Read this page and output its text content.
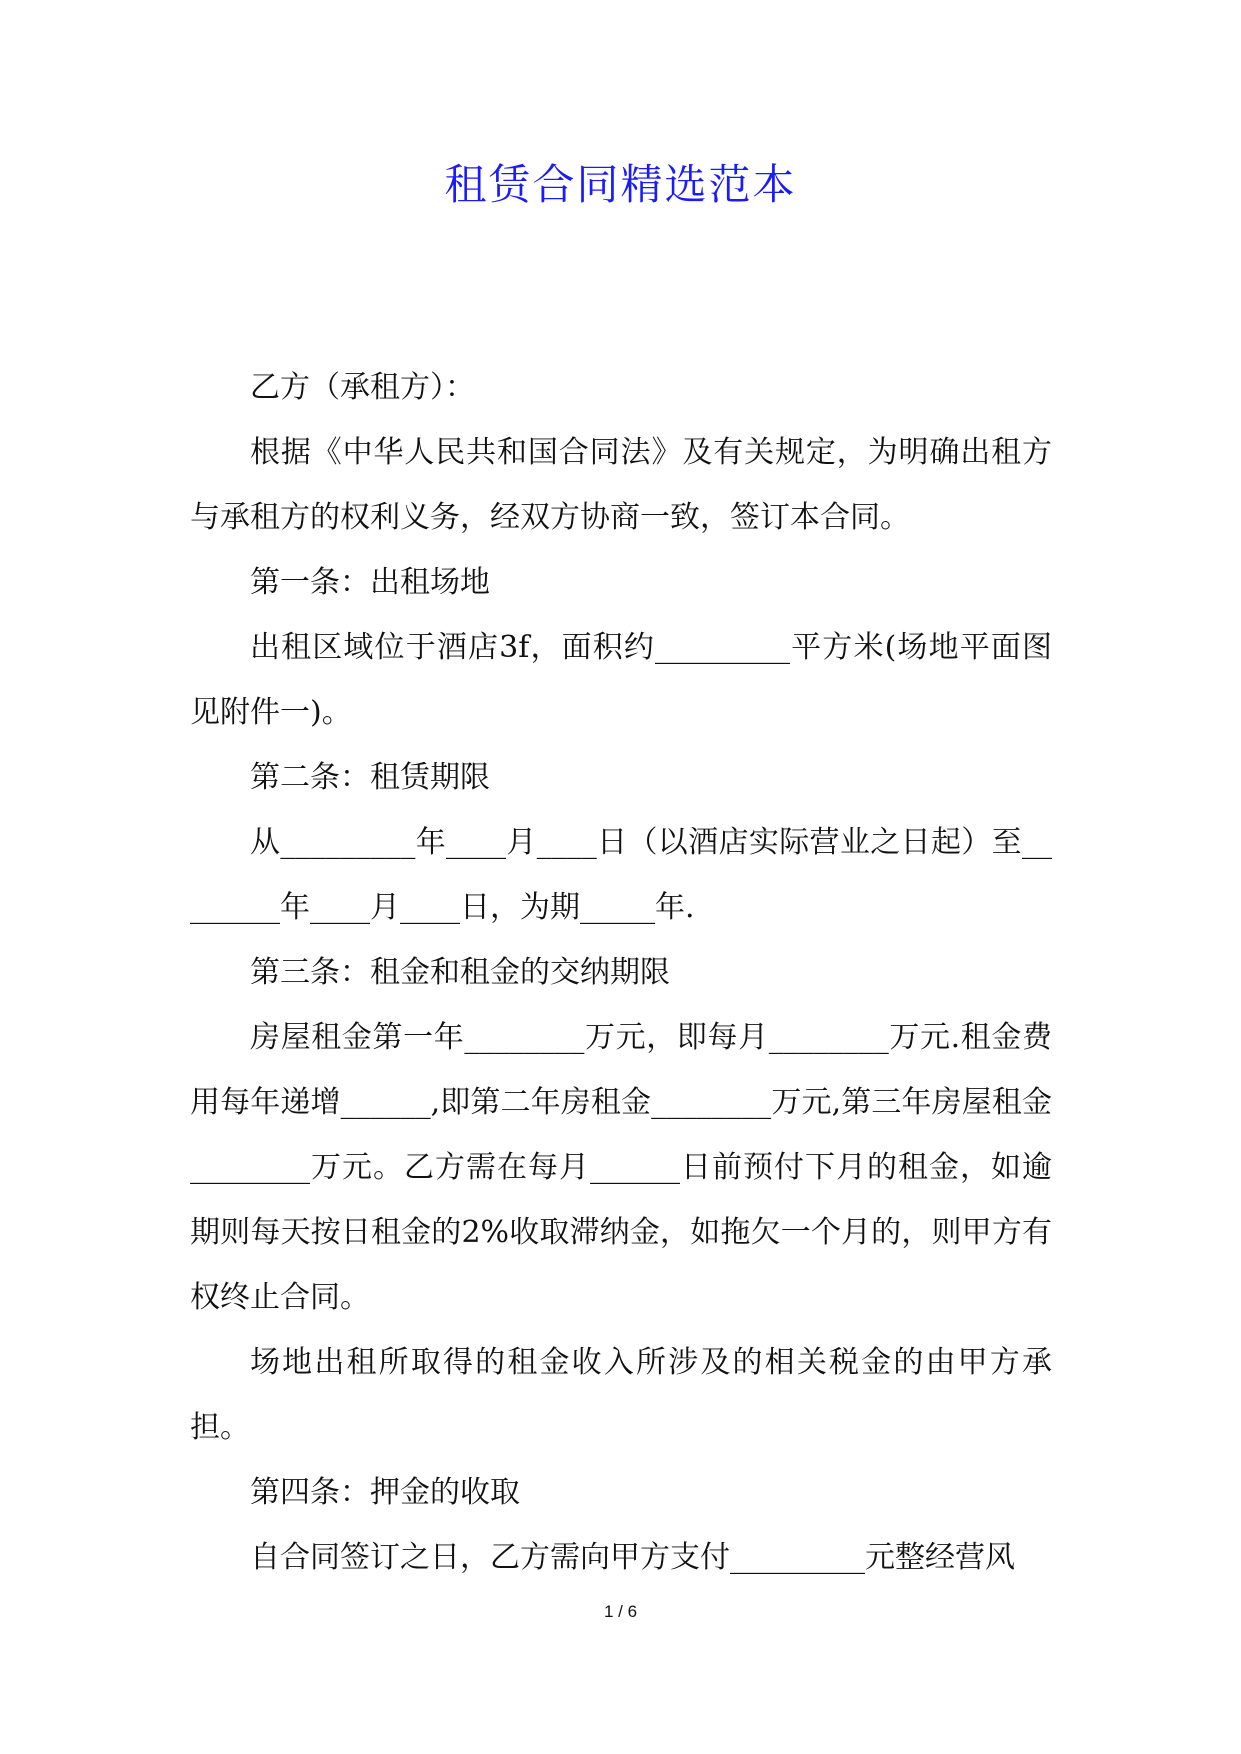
租赁合同精选范本

乙方（承租方）：

根据《中华人民共和国合同法》及有关规定，为明确出租方与承租方的权利义务，经双方协商一致，签订本合同。

第一条：出租场地

出租区域位于酒店3f，面积约_________平方米(场地平面图见附件一)。

第二条：租赁期限

从_________年____月____日（以酒店实际营业之日起）至________年____月____日，为期_____年.

第三条：租金和租金的交纳期限

房屋租金第一年________万元，即每月________万元.租金费用每年递增______,即第二年房租金________万元,第三年房屋租金________万元。乙方需在每月______日前预付下月的租金，如逾期则每天按日租金的2%收取滞纳金，如拖欠一个月的，则甲方有权终止合同。

场地出租所取得的租金收入所涉及的相关税金的由甲方承担。

第四条：押金的收取

自合同签订之日，乙方需向甲方支付_________元整经营风

1 / 6
